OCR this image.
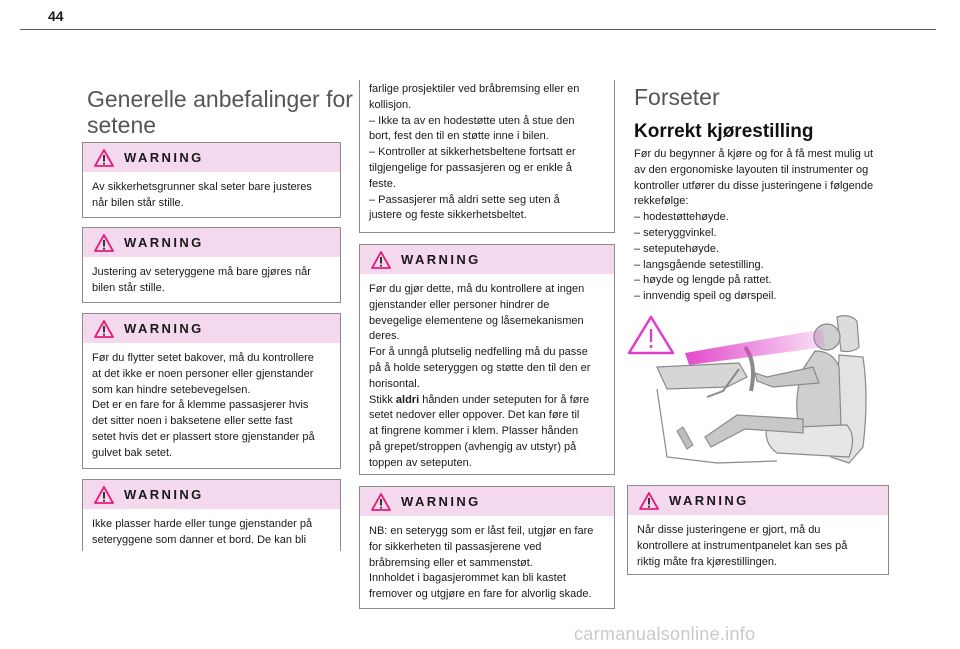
44
Generelle anbefalinger for
setene
WARNING
Av sikkerhetsgrunner skal seter bare justeres
når bilen står stille.
WARNING
Justering av seteryggene må bare gjøres når
bilen står stille.
WARNING
Før du flytter setet bakover, må du kontrollere
at det ikke er noen personer eller gjenstander
som kan hindre setebevegelsen.
Det er en fare for å klemme passasjerer hvis
det sitter noen i baksetene eller sette fast
setet hvis det er plassert store gjenstander på
gulvet bak setet.
WARNING
Ikke plasser harde eller tunge gjenstander på
seteryggene som danner et bord. De kan bli
farlige prosjektiler ved bråbremsing eller en
kollisjon.
– Ikke ta av en hodestøtte uten å stue den
bort, fest den til en støtte inne i bilen.
– Kontroller at sikkerhetsbeltene fortsatt er
tilgjengelige for passasjeren og er enkle å
feste.
– Passasjerer må aldri sette seg uten å
justere og feste sikkerhetsbeltet.
WARNING
Før du gjør dette, må du kontrollere at ingen
gjenstander eller personer hindrer de
bevegelige elementene og låsemekanismen
deres.
For å unngå plutselig nedfelling må du passe
på å holde seteryggen og støtte den til den er
horisontal.
Stikk aldri hånden under seteputen for å føre
setet nedover eller oppover. Det kan føre til
at fingrene kommer i klem. Plasser hånden
på grepet/stroppen (avhengig av utstyr) på
toppen av seteputen.
WARNING
NB: en seterygg som er låst feil, utgjør en fare
for sikkerheten til passasjerene ved
bråbremsing eller et sammenstøt.
Innholdet i bagasjerommet kan bli kastet
fremover og utgjøre en fare for alvorlig skade.
Forseter
Korrekt kjørestilling
Før du begynner å kjøre og for å få mest mulig ut
av den ergonomiske layouten til instrumenter og
kontroller utfører du disse justeringene i følgende
rekkefølge:
– hodestøttehøyde.
– seteryggvinkel.
– seteputehøyde.
– langsgående setestilling.
– høyde og lengde på rattet.
– innvendig speil og dørspeil.
WARNING
Når disse justeringene er gjort, må du
kontrollere at instrumentpanelet kan ses på
riktig måte fra kjørestillingen.
carmanualsonline.info
